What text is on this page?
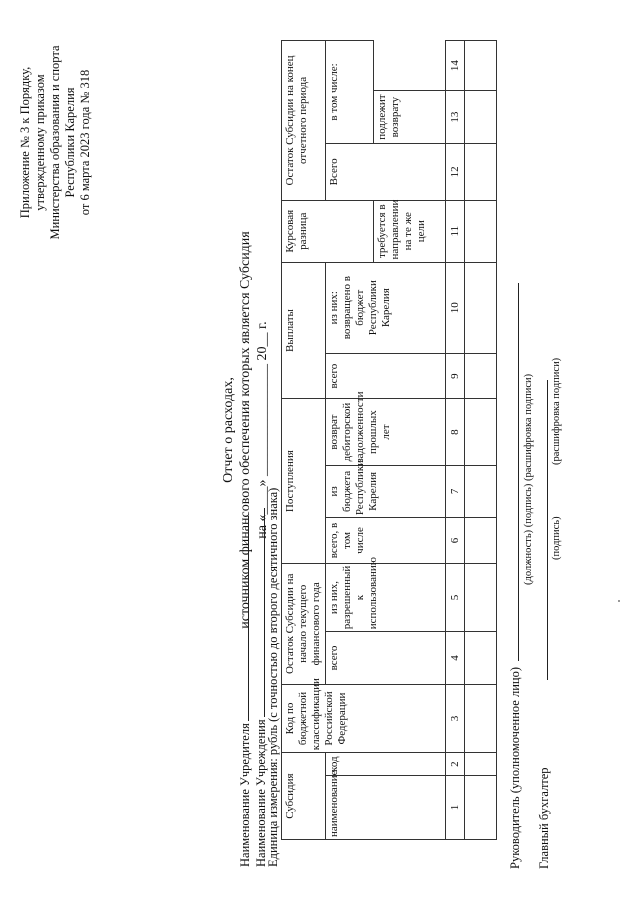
Приложение № 3 к Порядку, утвержденному приказом Министерства образования и спорта Республики Карелия от 6 марта 2023 года № 318
Отчет о расходах, источником финансового обеспечения которых является Субсидия на «____» ________________ 20__ г.
Наименование Учредителя Наименование Учреждения
Единица измерения: рубль (с точностью до второго десятичного знака) Субсидия		Код по бюджетной классификации Российской Федерации	Остаток Субсидии на начало текущего финансового года		Поступления			Выплаты		Курсовая разница	Остаток Субсидии на конец отчетного периода		
наименование	код		всего	из них, разрешенный к использованию	всего, в том числе	из бюджета Республики Карелия	возврат дебиторской задолженности прошлых лет	всего	из них: возвращено в бюджет Республики Карелия		Всего	в том числе:	
										требуется в направлении на те же цели		подлежит возврату	
1	2	3	4	5	6	7	8	9	10	11	12	13	14

Руководитель (уполномоченное лицо)
(должность) (подпись) (расшифровка подписи)
Главный бухгалтер
(подпись)
(расшифровка подписи)
